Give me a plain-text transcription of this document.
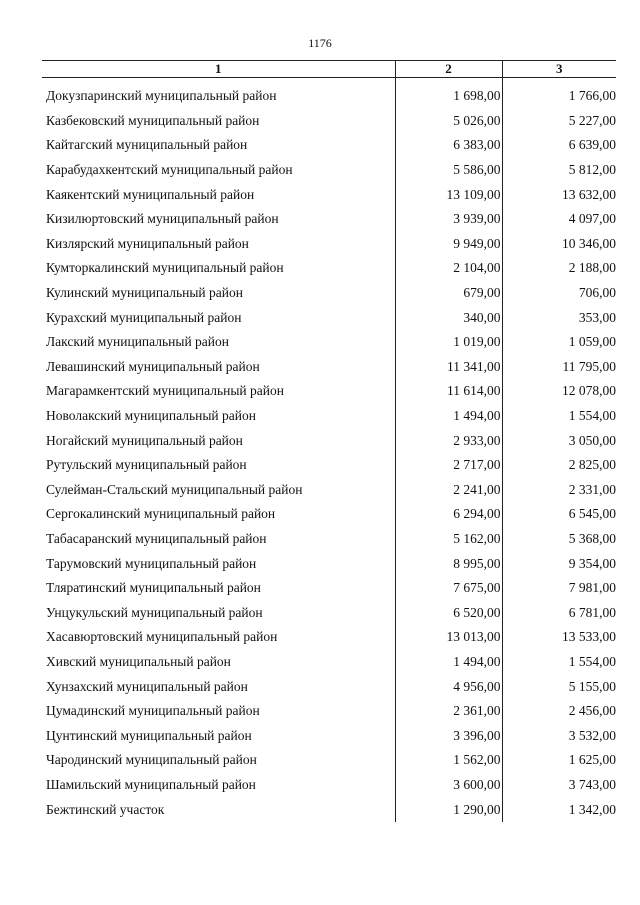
1176
1	2	3
Докузпаринский муниципальный район	1 698,00	1 766,00
Казбековский муниципальный район	5 026,00	5 227,00
Кайтагский муниципальный район	6 383,00	6 639,00
Карабудахкентский муниципальный район	5 586,00	5 812,00
Каякентский муниципальный район	13 109,00	13 632,00
Кизилюртовский муниципальный район	3 939,00	4 097,00
Кизлярский муниципальный район	9 949,00	10 346,00
Кумторкалинский муниципальный район	2 104,00	2 188,00
Кулинский муниципальный район	679,00	706,00
Курахский муниципальный район	340,00	353,00
Лакский муниципальный район	1 019,00	1 059,00
Левашинский муниципальный район	11 341,00	11 795,00
Магарамкентский муниципальный район	11 614,00	12 078,00
Новолакский муниципальный район	1 494,00	1 554,00
Ногайский муниципальный район	2 933,00	3 050,00
Рутульский муниципальный район	2 717,00	2 825,00
Сулейман-Стальский муниципальный район	2 241,00	2 331,00
Сергокалинский муниципальный район	6 294,00	6 545,00
Табасаранский муниципальный район	5 162,00	5 368,00
Тарумовский муниципальный район	8 995,00	9 354,00
Тляратинский муниципальный район	7 675,00	7 981,00
Унцукульский муниципальный район	6 520,00	6 781,00
Хасавюртовский муниципальный район	13 013,00	13 533,00
Хивский муниципальный район	1 494,00	1 554,00
Хунзахский муниципальный район	4 956,00	5 155,00
Цумадинский муниципальный район	2 361,00	2 456,00
Цунтинский муниципальный район	3 396,00	3 532,00
Чародинский муниципальный район	1 562,00	1 625,00
Шамильский муниципальный район	3 600,00	3 743,00
Бежтинский участок	1 290,00	1 342,00
